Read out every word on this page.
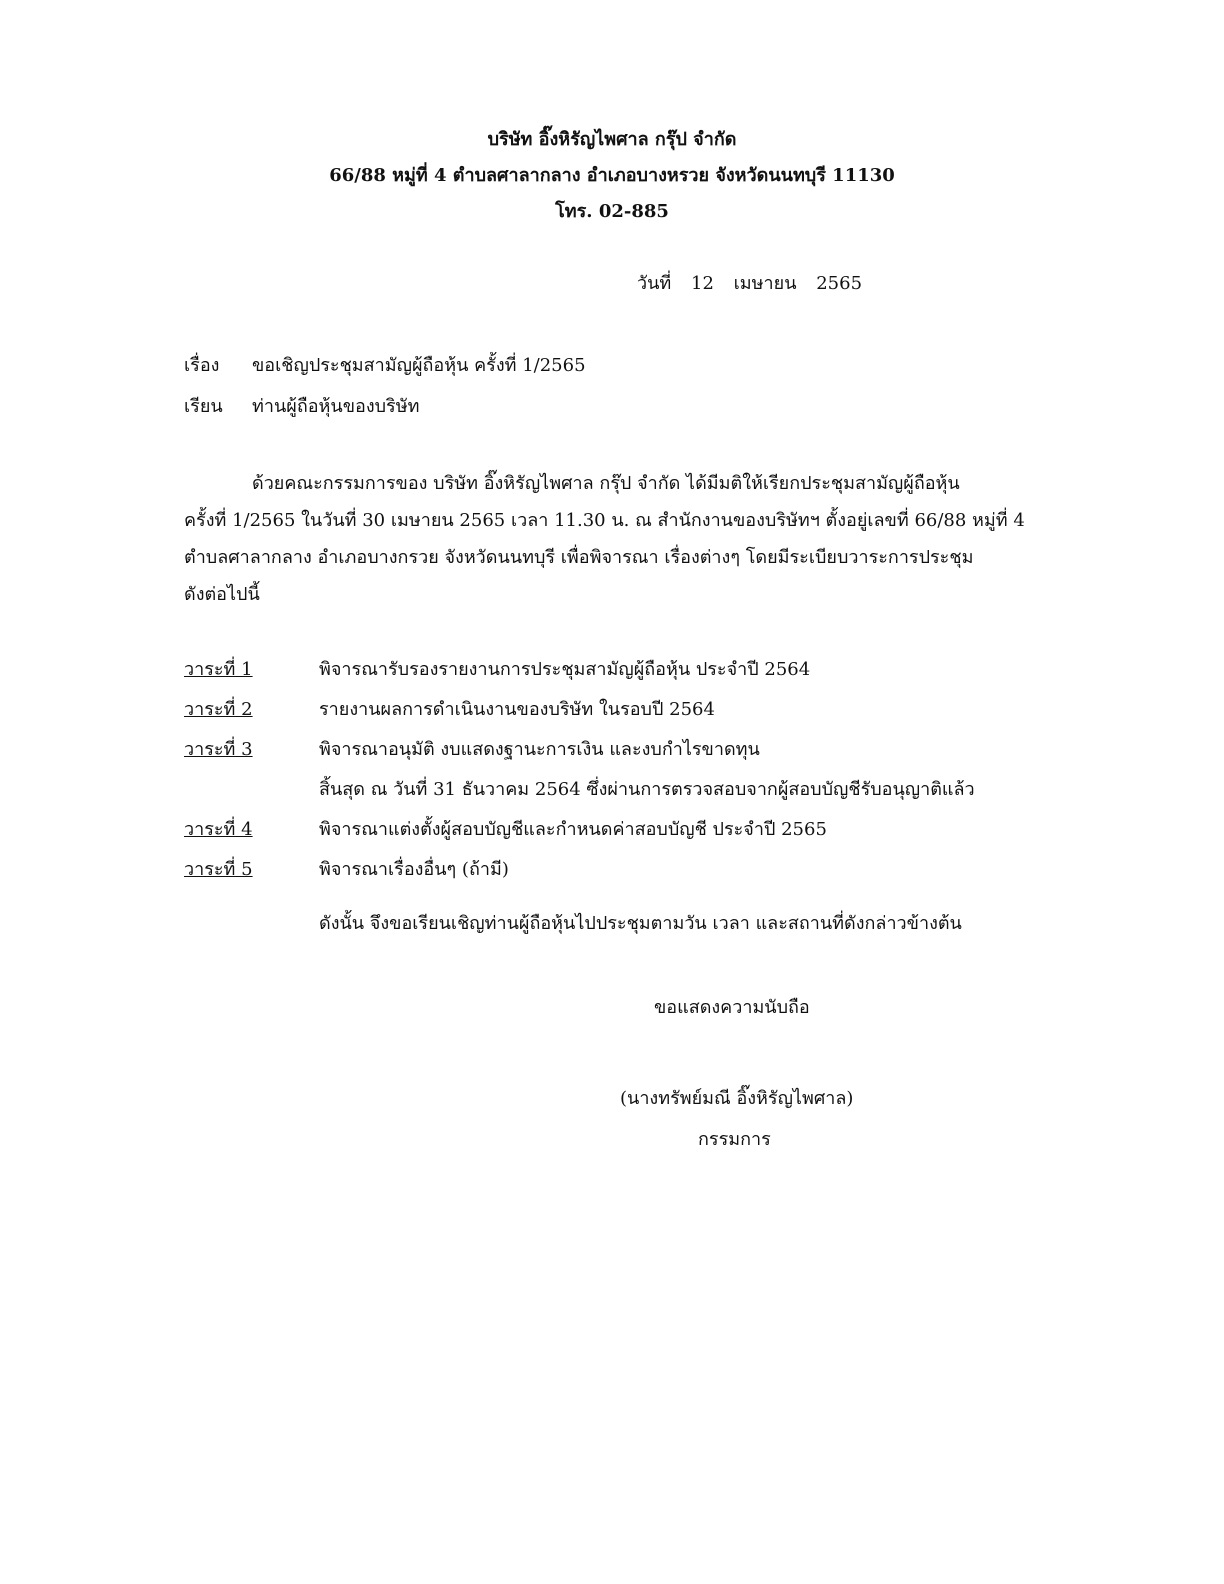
บริษัท อิ๊งหิรัญไพศาล กรุ๊ป จำกัด
66/88 หมู่ที่ 4 ตำบลศาลากลาง อำเภอบางหรวย จังหวัดนนทบุรี 11130
โทร. 02-885
วันที่ 12 เมษายน 2565
เรื่อง ขอเชิญประชุมสามัญผู้ถือหุ้น ครั้งที่ 1/2565
เรียน ท่านผู้ถือหุ้นของบริษัท
ด้วยคณะกรรมการของ บริษัท อิ๊งหิรัญไพศาล กรุ๊ป จำกัด ได้มีมติให้เรียกประชุมสามัญผู้ถือหุ้น
ครั้งที่ 1/2565 ในวันที่ 30 เมษายน 2565 เวลา 11.30 น. ณ สำนักงานของบริษัทฯ ตั้งอยู่เลขที่ 66/88 หมู่ที่ 4
ตำบลศาลากลาง อำเภอบางกรวย จังหวัดนนทบุรี เพื่อพิจารณา เรื่องต่างๆ โดยมีระเบียบวาระการประชุม
ดังต่อไปนี้
วาระที่ 1	พิจารณารับรองรายงานการประชุมสามัญผู้ถือหุ้น ประจำปี 2564
วาระที่ 2	รายงานผลการดำเนินงานของบริษัท ในรอบปี 2564
วาระที่ 3	พิจารณาอนุมัติ งบแสดงฐานะการเงิน และงบกำไรขาดทุน
สิ้นสุด ณ วันที่ 31 ธันวาคม 2564 ซึ่งผ่านการตรวจสอบจากผู้สอบบัญชีรับอนุญาติแล้ว
วาระที่ 4	พิจารณาแต่งตั้งผู้สอบบัญชีและกำหนดค่าสอบบัญชี ประจำปี 2565
วาระที่ 5	พิจารณาเรื่องอื่นๆ (ถ้ามี)
ดังนั้น จึงขอเรียนเชิญท่านผู้ถือหุ้นไปประชุมตามวัน เวลา และสถานที่ดังกล่าวข้างต้น
ขอแสดงความนับถือ
(นางทรัพย์มณี อิ๊งหิรัญไพศาล)
กรรมการ
